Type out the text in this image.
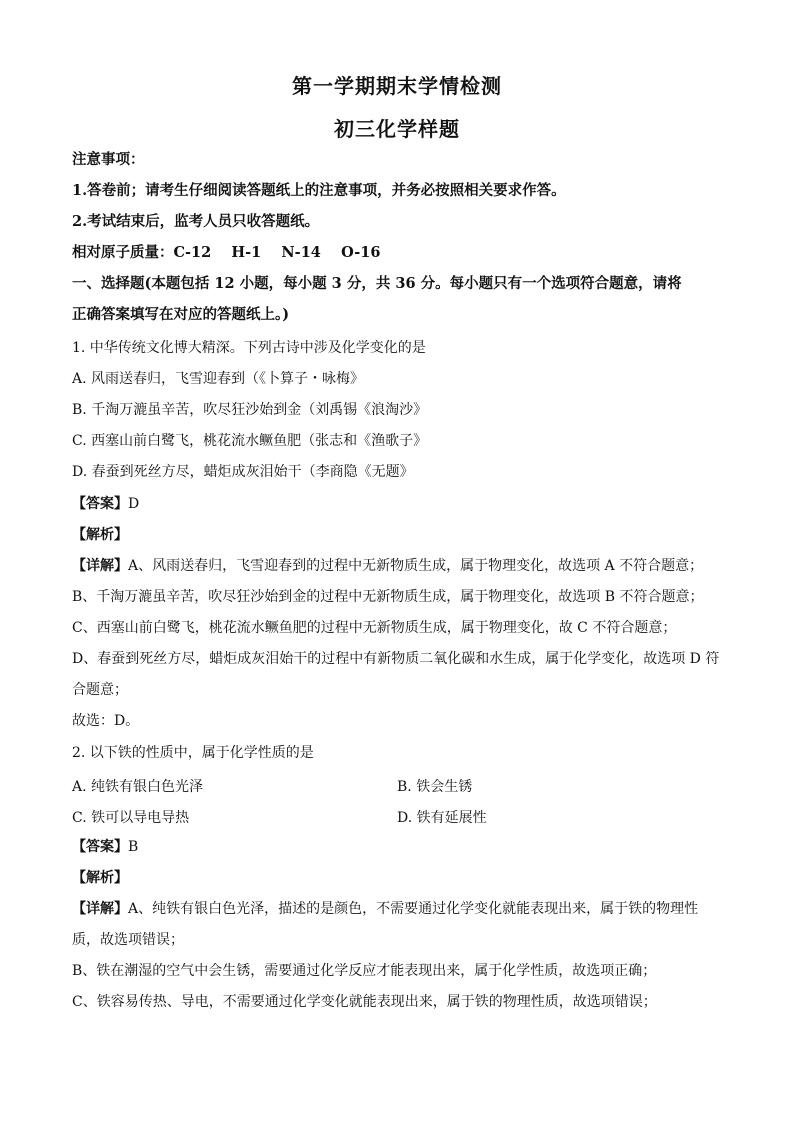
第一学期期末学情检测
初三化学样题
注意事项：
1.答卷前；请考生仔细阅读答题纸上的注意事项，并务必按照相关要求作答。
2.考试结束后，监考人员只收答题纸。
相对原子质量：C-12    H-1    N-14    O-16
一、选择题(本题包括 12 小题，每小题 3 分，共 36 分。每小题只有一个选项符合题意，请将
正确答案填写在对应的答题纸上。)
1. 中华传统文化博大精深。下列古诗中涉及化学变化的是
A. 风雨送春归，飞雪迎春到（《卜算子・咏梅》
B. 千淘万漉虽辛苦，吹尽狂沙始到金（刘禹锡《浪淘沙》
C. 西塞山前白鹭飞，桃花流水鳜鱼肥（张志和《渔歌子》
D. 春蚕到死丝方尽，蜡炬成灰泪始干（李商隐《无题》
【答案】D
【解析】
【详解】A、风雨送春归，飞雪迎春到的过程中无新物质生成，属于物理变化，故选项 A 不符合题意；
B、千淘万漉虽辛苦，吹尽狂沙始到金的过程中无新物质生成，属于物理变化，故选项 B 不符合题意；
C、西塞山前白鹭飞，桃花流水鳜鱼肥的过程中无新物质生成，属于物理变化，故 C 不符合题意；
D、春蚕到死丝方尽，蜡炬成灰泪始干的过程中有新物质二氧化碳和水生成，属于化学变化，故选项 D 符
合题意；
故选：D。
2. 以下铁的性质中，属于化学性质的是
A. 纯铁有银白色光泽	B. 铁会生锈
C. 铁可以导电导热	D. 铁有延展性
【答案】B
【解析】
【详解】A、纯铁有银白色光泽，描述的是颜色，不需要通过化学变化就能表现出来，属于铁的物理性
质，故选项错误；
B、铁在潮湿的空气中会生锈，需要通过化学反应才能表现出来，属于化学性质，故选项正确；
C、铁容易传热、导电，不需要通过化学变化就能表现出来，属于铁的物理性质，故选项错误；
